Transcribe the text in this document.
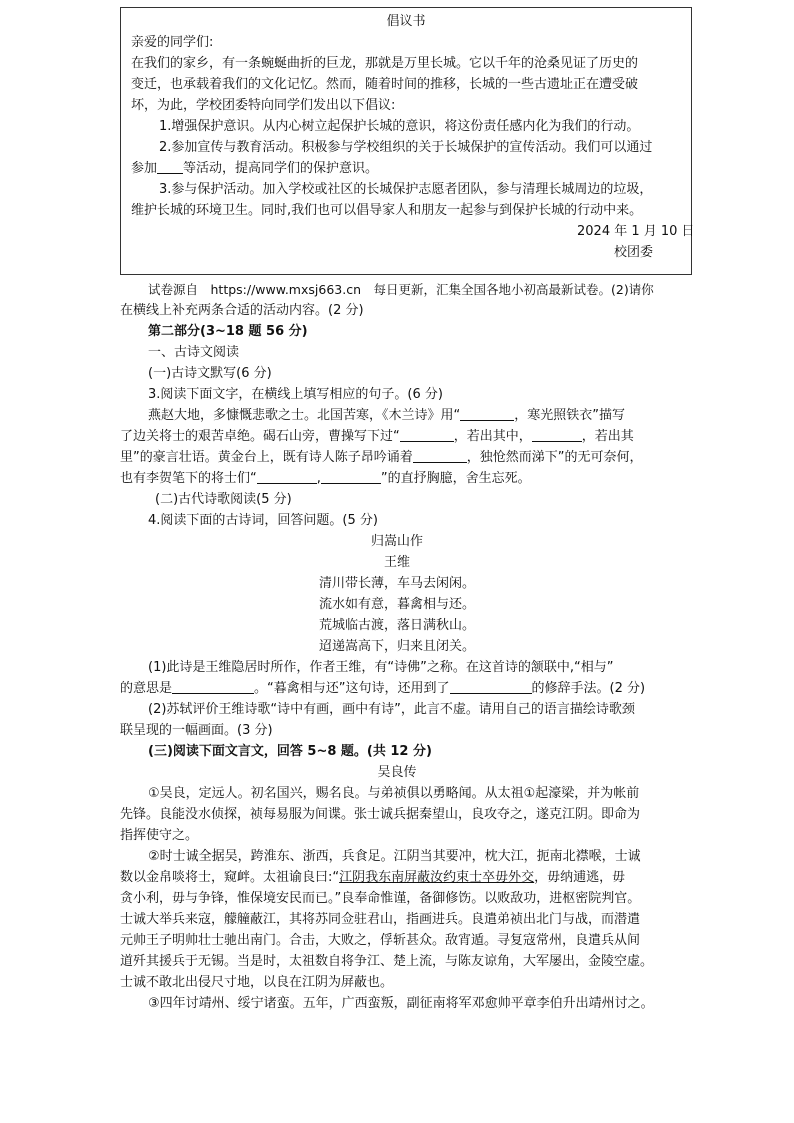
倡议书
亲爱的同学们:
在我们的家乡，有一条蜿蜒曲折的巨龙，那就是万里长城。它以千年的沧桑见证了历史的
变迁，也承载着我们的文化记忆。然而，随着时间的推移，长城的一些古遗址正在遭受破
坏，为此，学校团委特向同学们发出以下倡议:
1.增强保护意识。从内心树立起保护长城的意识，将这份责任感内化为我们的行动。
2.参加宣传与教育活动。积极参与学校组织的关于长城保护的宣传活动。我们可以通过
参加 等活动，提高同学们的保护意识。
3.参与保护活动。加入学校或社区的长城保护志愿者团队，参与清理长城周边的垃圾，
维护长城的环境卫生。同时,我们也可以倡导家人和朋友一起参与到保护长城的行动中来。
2024 年 1 月 10 日
校团委
试卷源自　https://www.mxsj663.cn　每日更新，汇集全国各地小初高最新试卷。(2)请你
在横线上补充两条合适的活动内容。(2 分)
第二部分(3~18 题 56 分)
一、古诗文阅读
(一)古诗文默写(6 分)
3.阅读下面文字，在横线上填写相应的句子。(6 分)
燕赵大地，多慷慨悲歌之士。北国苦寒，《木兰诗》用“	，寒光照铁衣”描写
了边关将士的艰苦卓绝。碣石山旁，曹操写下过“	，若出其中，	，若出其
里”的豪言壮语。黄金台上，既有诗人陈子昂吟诵着	，独怆然而涕下”的无可奈何，
也有李贺笔下的将士们“	,	”的直抒胸臆，舍生忘死。
(二)古代诗歌阅读(5 分)
4.阅读下面的古诗词，回答问题。(5 分)
归嵩山作
王维
清川带长薄，车马去闲闲。
流水如有意，暮禽相与还。
荒城临古渡，落日满秋山。
迢递嵩高下，归来且闭关。
(1)此诗是王维隐居时所作，作者王维，有“诗佛”之称。在这首诗的颔联中,“相与”
的意思是	。“暮禽相与还”这句诗，还用到了	的修辞手法。(2 分)
(2)苏轼评价王维诗歌“诗中有画，画中有诗”，此言不虚。请用自己的语言描绘诗歌颈
联呈现的一幅画面。(3 分)
(三)阅读下面文言文，回答 5~8 题。(共 12 分)
吴良传
①吴良，定远人。初名国兴，赐名良。与弟祯俱以勇略闻。从太祖①起濠梁，并为帐前
先锋。良能没水侦探，祯每易服为间谍。张士诚兵据秦望山，良攻夺之，遂克江阴。即命为
指挥使守之。
②时士诚全据吴，跨淮东、浙西，兵食足。江阴当其要冲，枕大江，扼南北襟喉，士诚
数以金帛啖将士，窥衅。太祖谕良曰:“江阴我东南屏蔽汝约束士卒毋外交，毋纳逋逃，毋
贪小利，毋与争锋，惟保境安民而已。”良奉命惟谨，备御修饬。以败敌功，进枢密院判官。
士诚大举兵来寇，艨艟蔽江，其将苏同佥驻君山，指画进兵。良遣弟祯出北门与战，而潜遣
元帅王子明帅壮士驰出南门。合击，大败之，俘斩甚众。敌宵遁。寻复寇常州，良遣兵从间
道歼其援兵于无锡。当是时，太祖数自将争江、楚上流，与陈友谅角，大军屡出，金陵空虚。
士诚不敢北出侵尺寸地，以良在江阴为屏蔽也。
③四年讨靖州、绥宁诸蛮。五年，广西蛮叛，副征南将军邓愈帅平章李伯升出靖州讨之。
